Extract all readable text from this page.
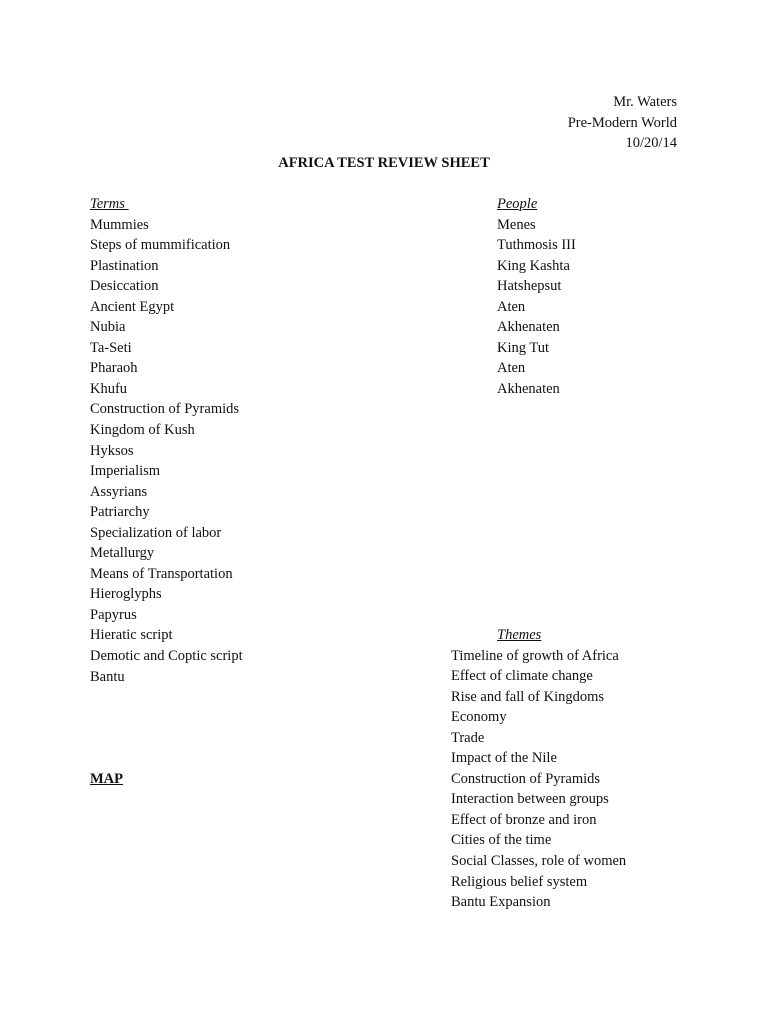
Mr. Waters
Pre-Modern World
10/20/14
AFRICA TEST REVIEW SHEET
Terms
Mummies
Steps of mummification
Plastination
Desiccation
Ancient Egypt
Nubia
Ta-Seti
Pharaoh
Khufu
Construction of Pyramids
Kingdom of Kush
Hyksos
Imperialism
Assyrians
Patriarchy
Specialization of labor
Metallurgy
Means of Transportation
Hieroglyphs
Papyrus
Hieratic script
Demotic and Coptic script
Bantu
People
Menes
Tuthmosis III
King Kashta
Hatshepsut
Aten
Akhenaten
King Tut
Aten
Akhenaten
Themes
Timeline of growth of Africa
Effect of climate change
Rise and fall of Kingdoms
Economy
Trade
Impact of the Nile
Construction of Pyramids
Interaction between groups
Effect of bronze and iron
Cities of the time
Social Classes, role of women
Religious belief system
Bantu Expansion
MAP
